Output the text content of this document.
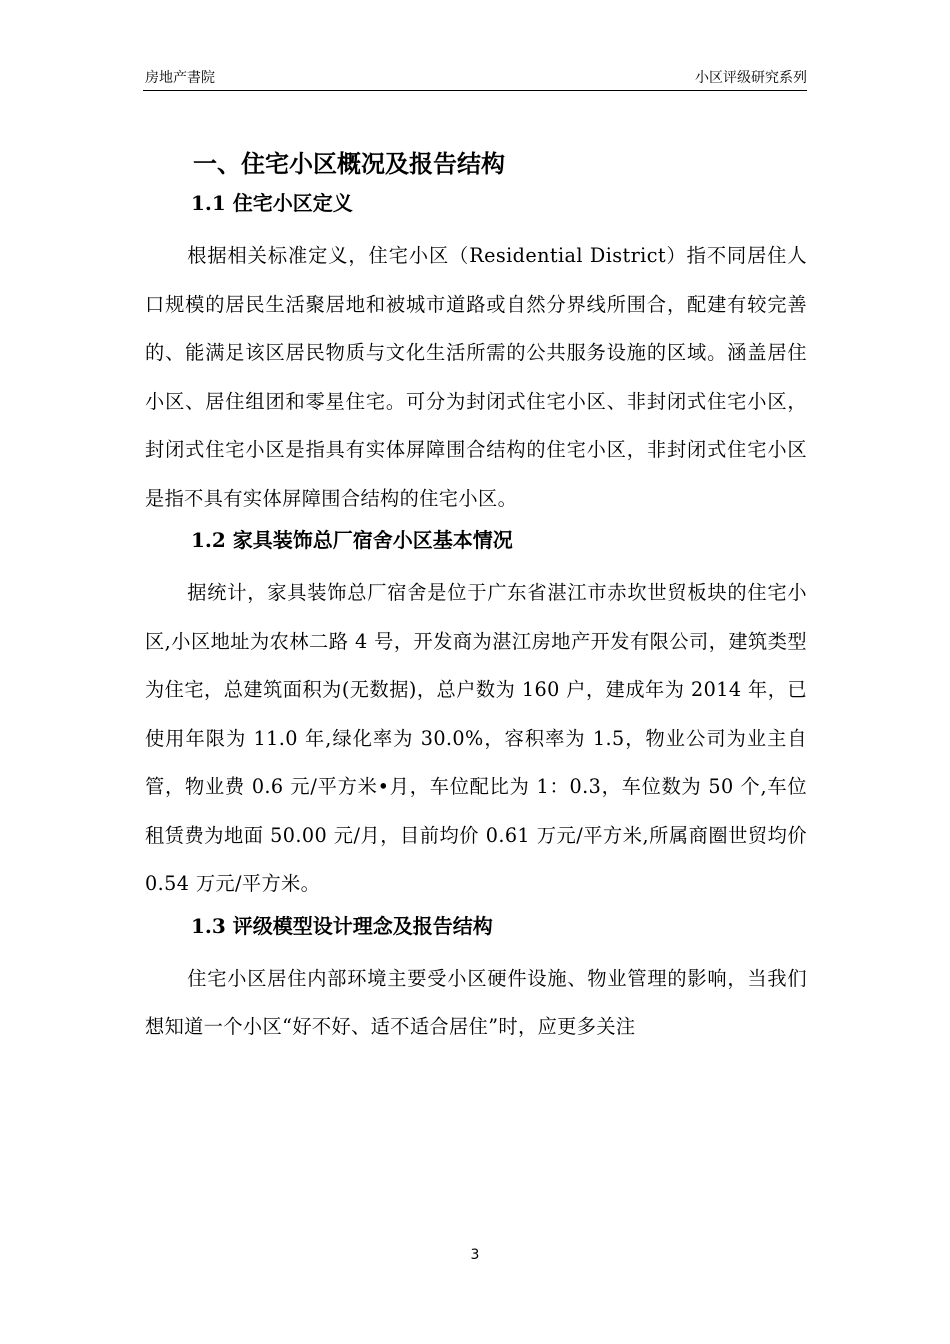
房地产書院	小区评级研究系列
一、住宅小区概况及报告结构
1.1 住宅小区定义

根据相关标准定义，住宅小区（Residential District）指不同居住人口规模的居民生活聚居地和被城市道路或自然分界线所围合，配建有较完善的、能满足该区居民物质与文化生活所需的公共服务设施的区域。涵盖居住小区、居住组团和零星住宅。可分为封闭式住宅小区、非封闭式住宅小区，封闭式住宅小区是指具有实体屏障围合结构的住宅小区，非封闭式住宅小区是指不具有实体屏障围合结构的住宅小区。

1.2 家具装饰总厂宿舍小区基本情况

据统计，家具装饰总厂宿舍是位于广东省湛江市赤坎世贸板块的住宅小区,小区地址为农林二路 4 号，开发商为湛江房地产开发有限公司，建筑类型为住宅，总建筑面积为(无数据)，总户数为 160 户，建成年为 2014 年，已使用年限为 11.0 年,绿化率为 30.0%，容积率为 1.5，物业公司为业主自管，物业费 0.6 元/平方米•月，车位配比为 1：0.3，车位数为 50 个,车位租赁费为地面 50.00 元/月，目前均价 0.61 万元/平方米,所属商圈世贸均价 0.54 万元/平方米。

1.3 评级模型设计理念及报告结构

住宅小区居住内部环境主要受小区硬件设施、物业管理的影响，当我们想知道一个小区“好不好、适不适合居住”时，应更多关注

3
